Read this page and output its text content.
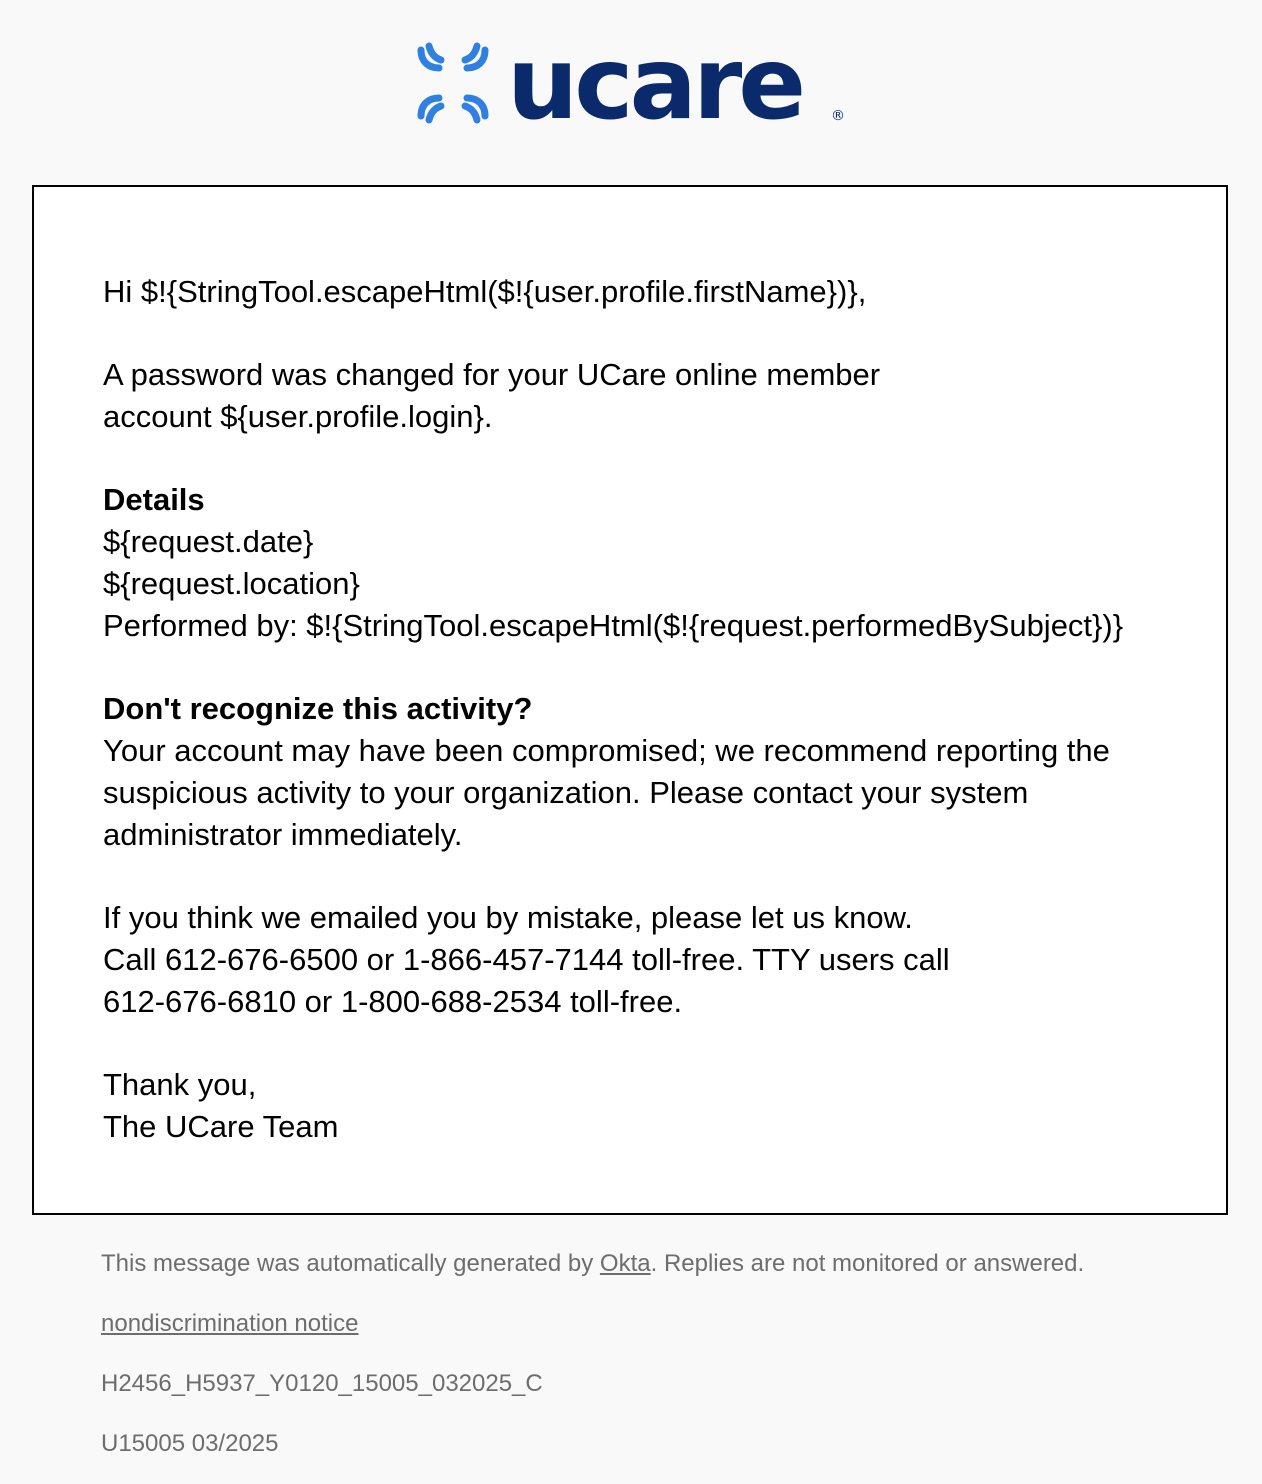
ucare ®

Hi $!{StringTool.escapeHtml($!{user.profile.firstName})},

A password was changed for your UCare online member

account ${user.profile.login}.

Details

${request.date}

${request.location}

Performed by: $!{StringTool.escapeHtml($!{request.performedBySubject})}

Don't recognize this activity?

Your account may have been compromised; we recommend reporting the

suspicious activity to your organization. Please contact your system

administrator immediately.

If you think we emailed you by mistake, please let us know.

Call 612-676-6500 or 1-866-457-7144 toll-free. TTY users call

612-676-6810 or 1-800-688-2534 toll-free.

Thank you,

The UCare Team

This message was automatically generated by Okta. Replies are not monitored or answered.

nondiscrimination notice

H2456_H5937_Y0120_15005_032025_C

U15005 03/2025
